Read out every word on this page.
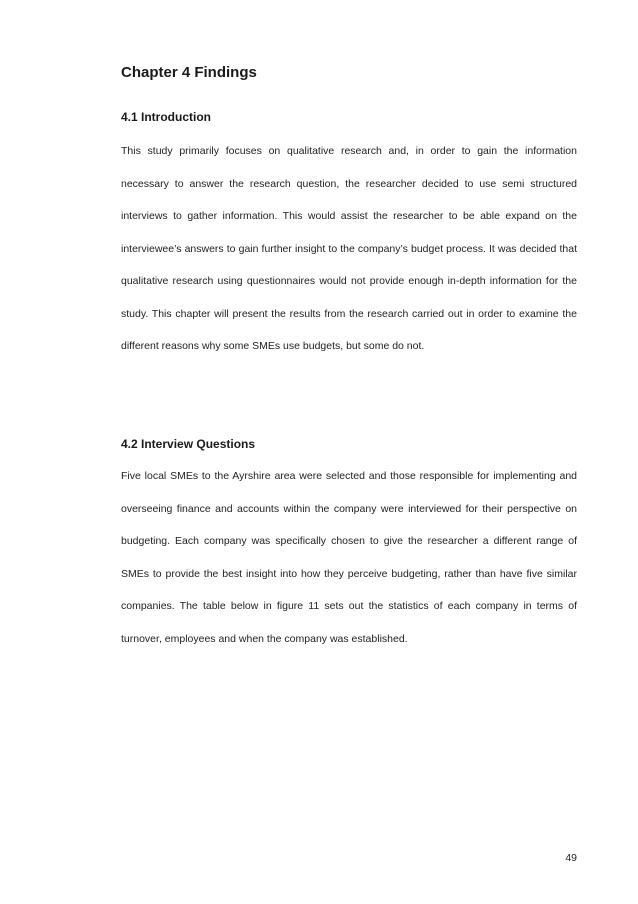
Chapter 4 Findings
4.1 Introduction

This study primarily focuses on qualitative research and, in order to gain the information necessary to answer the research question, the researcher decided to use semi structured interviews to gather information. This would assist the researcher to be able expand on the interviewee’s answers to gain further insight to the company’s budget process. It was decided that qualitative research using questionnaires would not provide enough in-depth information for the study. This chapter will present the results from the research carried out in order to examine the different reasons why some SMEs use budgets, but some do not.

4.2 Interview Questions

Five local SMEs to the Ayrshire area were selected and those responsible for implementing and overseeing finance and accounts within the company were interviewed for their perspective on budgeting. Each company was specifically chosen to give the researcher a different range of SMEs to provide the best insight into how they perceive budgeting, rather than have five similar companies. The table below in figure 11 sets out the statistics of each company in terms of turnover, employees and when the company was established.

49
